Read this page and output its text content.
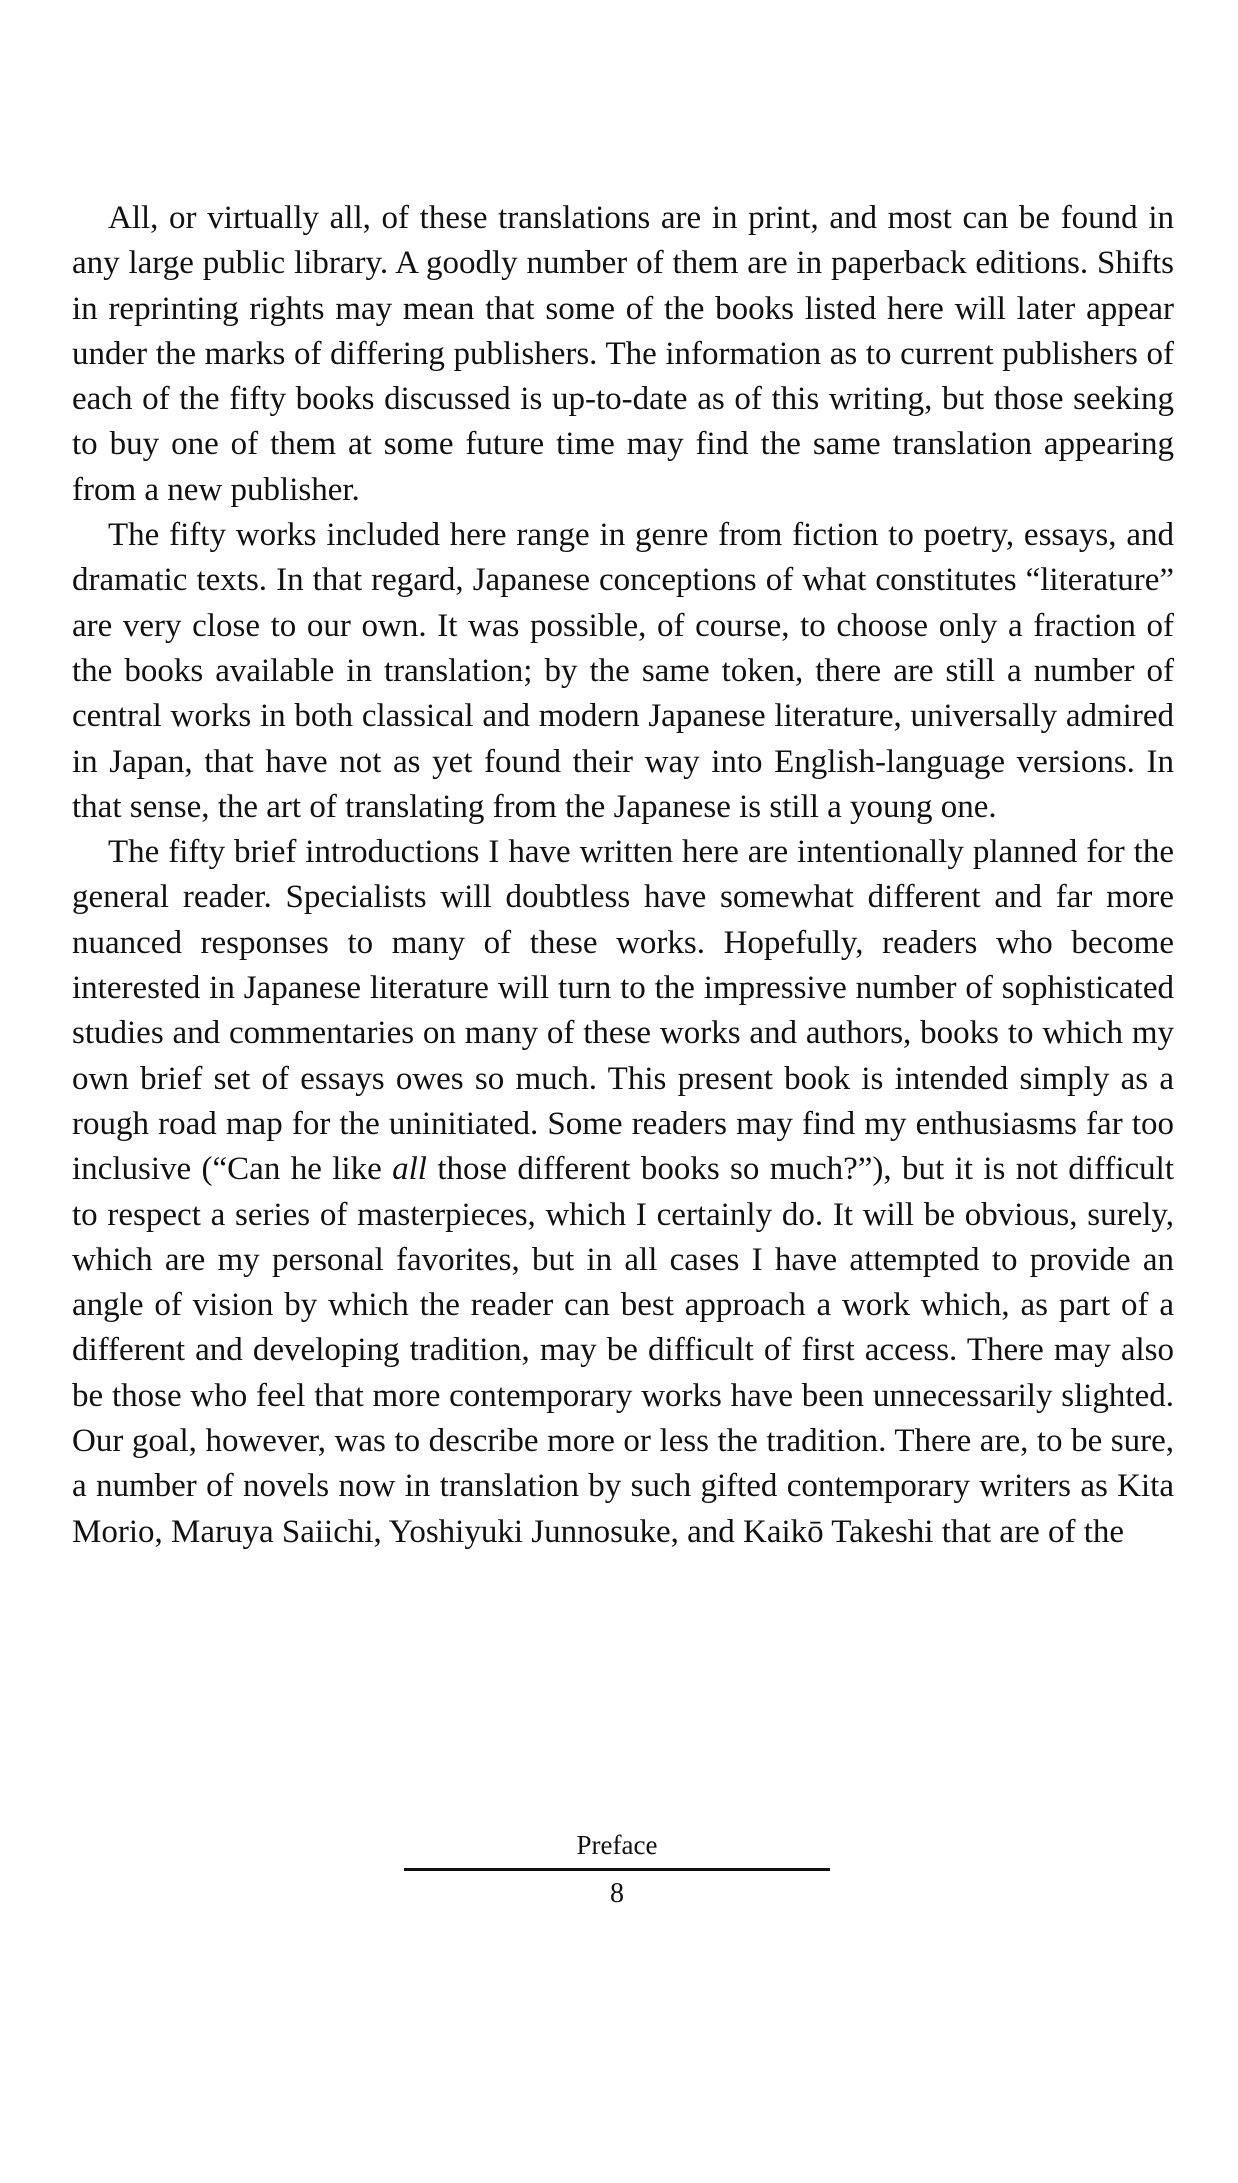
All, or virtually all, of these translations are in print, and most can be found in any large public library. A goodly number of them are in paperback editions. Shifts in reprinting rights may mean that some of the books listed here will later appear under the marks of differing publishers. The information as to current publishers of each of the fifty books discussed is up-to-date as of this writing, but those seeking to buy one of them at some future time may find the same translation appearing from a new publisher.

The fifty works included here range in genre from fiction to poetry, essays, and dramatic texts. In that regard, Japanese conceptions of what constitutes “literature” are very close to our own. It was possible, of course, to choose only a fraction of the books available in translation; by the same token, there are still a number of central works in both classical and modern Japanese literature, universally admired in Japan, that have not as yet found their way into English-language versions. In that sense, the art of translating from the Japanese is still a young one.

The fifty brief introductions I have written here are intentionally planned for the general reader. Specialists will doubtless have somewhat different and far more nuanced responses to many of these works. Hopefully, readers who become interested in Japanese literature will turn to the impressive number of sophisticated studies and commentaries on many of these works and authors, books to which my own brief set of essays owes so much. This present book is intended simply as a rough road map for the uninitiated. Some readers may find my enthusiasms far too inclusive (“Can he like all those different books so much?”), but it is not difficult to respect a series of masterpieces, which I certainly do. It will be obvious, surely, which are my personal favorites, but in all cases I have attempted to provide an angle of vision by which the reader can best approach a work which, as part of a different and developing tradition, may be difficult of first access. There may also be those who feel that more contemporary works have been unnecessarily slighted. Our goal, however, was to describe more or less the tradition. There are, to be sure, a number of novels now in translation by such gifted contemporary writers as Kita Morio, Maruya Saiichi, Yoshiyuki Junnosuke, and Kaikō Takeshi that are of the

Preface
8
